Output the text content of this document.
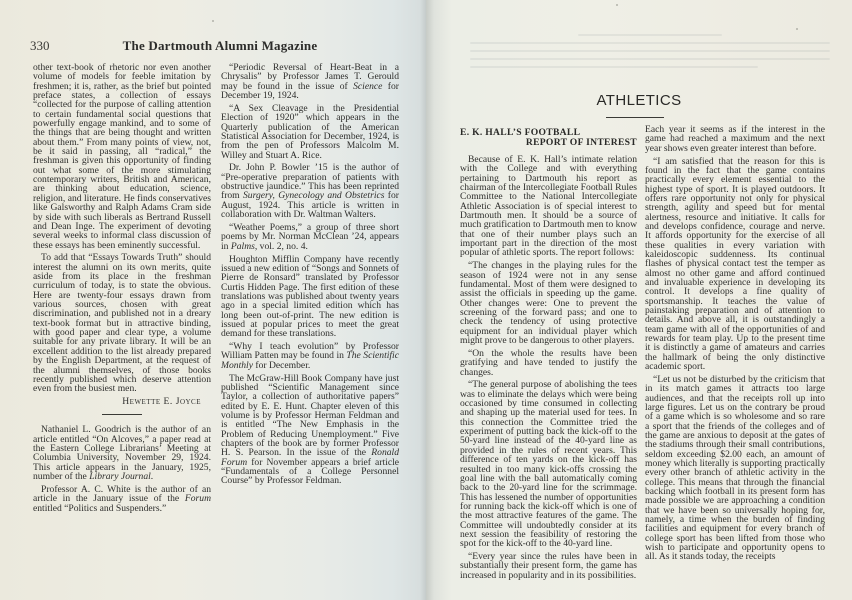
330	The Dartmouth Alumni Magazine

other text-book of rhetoric nor even another volume of models for feeble imitation by freshmen; it is, rather, as the brief but pointed preface states, a collection of essays “collected for the purpose of calling attention to certain fundamental social questions that powerfully engage mankind, and to some of the things that are being thought and written about them.” From many points of view, not, be it said in passing, all “radical,” the freshman is given this opportunity of finding out what some of the more stimulating contemporary writers, British and American, are thinking about education, science, religion, and literature. He finds conservatives like Galsworthy and Ralph Adams Cram side by side with such liberals as Bertrand Russell and Dean Inge. The experiment of devoting several weeks to informal class discussion of these essays has been eminently successful.

To add that “Essays Towards Truth” should interest the alumni on its own merits, quite aside from its place in the freshman curriculum of today, is to state the obvious. Here are twenty-four essays drawn from various sources, chosen with great discrimination, and published not in a dreary text-book format but in attractive binding, with good paper and clear type, a volume suitable for any private library. It will be an excellent addition to the list already prepared by the English Department, at the request of the alumni themselves, of those books recently published which deserve attention even from the busiest men.

Hewette E. Joyce

Nathaniel L. Goodrich is the author of an article entitled “On Alcoves,” a paper read at the Eastern College Librarians’ Meeting at Columbia University, November 29, 1924. This article appears in the January, 1925, number of the Library Journal.

Professor A. C. White is the author of an article in the January issue of the Forum entitled “Politics and Suspenders.”

“Periodic Reversal of Heart-Beat in a Chrysalis” by Professor James T. Gerould may be found in the issue of Science for December 19, 1924.

“A Sex Cleavage in the Presidential Election of 1920” which appears in the Quarterly publication of the American Statistical Association for December, 1924, is from the pen of Professors Malcolm M. Willey and Stuart A. Rice.

Dr. John P. Bowler ’15 is the author of “Pre-operative preparation of patients with obstructive jaundice.” This has been reprinted from Surgery, Gynecology and Obstetrics for August, 1924. This article is written in collaboration with Dr. Waltman Walters.

“Weather Poems,” a group of three short poems by Mr. Norman McClean ’24, appears in Palms, vol. 2, no. 4.

Houghton Mifflin Company have recently issued a new edition of “Songs and Sonnets of Pierre de Ronsard” translated by Professor Curtis Hidden Page. The first edition of these translations was published about twenty years ago in a special limited edition which has long been out-of-print. The new edition is issued at popular prices to meet the great demand for these translations.

“Why I teach evolution” by Professor William Patten may be found in The Scientific Monthly for December.

The McGraw-Hill Book Company have just published “Scientific Management since Taylor, a collection of authoritative papers” edited by E. E. Hunt. Chapter eleven of this volume is by Professor Herman Feldman and is entitled “The New Emphasis in the Problem of Reducing Unemployment.” Five chapters of the book are by former Professor H. S. Pearson. In the issue of the Ronald Forum for November appears a brief article “Fundamentals of a College Personnel Course” by Professor Feldman.

ATHLETICS
E. K. HALL’S FOOTBALL
REPORT OF INTEREST

Because of E. K. Hall’s intimate relation with the College and with everything pertaining to Dartmouth his report as chairman of the Intercollegiate Football Rules Committee to the National Intercollegiate Athletic Association is of special interest to Dartmouth men. It should be a source of much gratification to Dartmouth men to know that one of their number plays such an important part in the direction of the most popular of athletic sports. The report follows:

“The changes in the playing rules for the season of 1924 were not in any sense fundamental. Most of them were designed to assist the officials in speeding up the game. Other changes were: One to prevent the screening of the forward pass; and one to check the tendency of using protective equipment for an individual player which might prove to be dangerous to other players.

“On the whole the results have been gratifying and have tended to justify the changes.

“The general purpose of abolishing the tees was to eliminate the delays which were being occasioned by time consumed in collecting and shaping up the material used for tees. In this connection the Committee tried the experiment of putting back the kick-off to the 50-yard line instead of the 40-yard line as provided in the rules of recent years. This difference of ten yards on the kick-off has resulted in too many kick-offs crossing the goal line with the ball automatically coming back to the 20-yard line for the scrimmage. This has lessened the number of opportunities for running back the kick-off which is one of the most attractive features of the game. The Committee will undoubtedly consider at its next session the feasibility of restoring the spot for the kick-off to the 40-yard line.

“Every year since the rules have been in substantially their present form, the game has increased in popularity and in its possibilities.

Each year it seems as if the interest in the game had reached a maximum and the next year shows even greater interest than before.

“I am satisfied that the reason for this is found in the fact that the game contains practically every element essential to the highest type of sport. It is played outdoors. It offers rare opportunity not only for physical strength, agility and speed but for mental alertness, resource and initiative. It calls for and develops confidence, courage and nerve. It affords opportunity for the exercise of all these qualities in every variation with kaleidoscopic suddenness. Its continual flashes of physical contact test the temper as almost no other game and afford continued and invaluable experience in developing its control. It develops a fine quality of sportsmanship. It teaches the value of painstaking preparation and of attention to details. And above all, it is outstandingly a team game with all of the opportunities of and rewards for team play. Up to the present time it is distinctly a game of amateurs and carries the hallmark of being the only distinctive academic sport.

“Let us not be disturbed by the criticism that in its match games it attracts too large audiences, and that the receipts roll up into large figures. Let us on the contrary be proud of a game which is so wholesome and so rare a sport that the friends of the colleges and of the game are anxious to deposit at the gates of the stadiums through their small contributions, seldom exceeding $2.00 each, an amount of money which literally is supporting practically every other branch of athletic activity in the college. This means that through the financial backing which football in its present form has made possible we are approaching a condition that we have been so universally hoping for, namely, a time when the burden of finding facilities and equipment for every branch of college sport has been lifted from those who wish to participate and opportunity opens to all. As it stands today, the receipts
